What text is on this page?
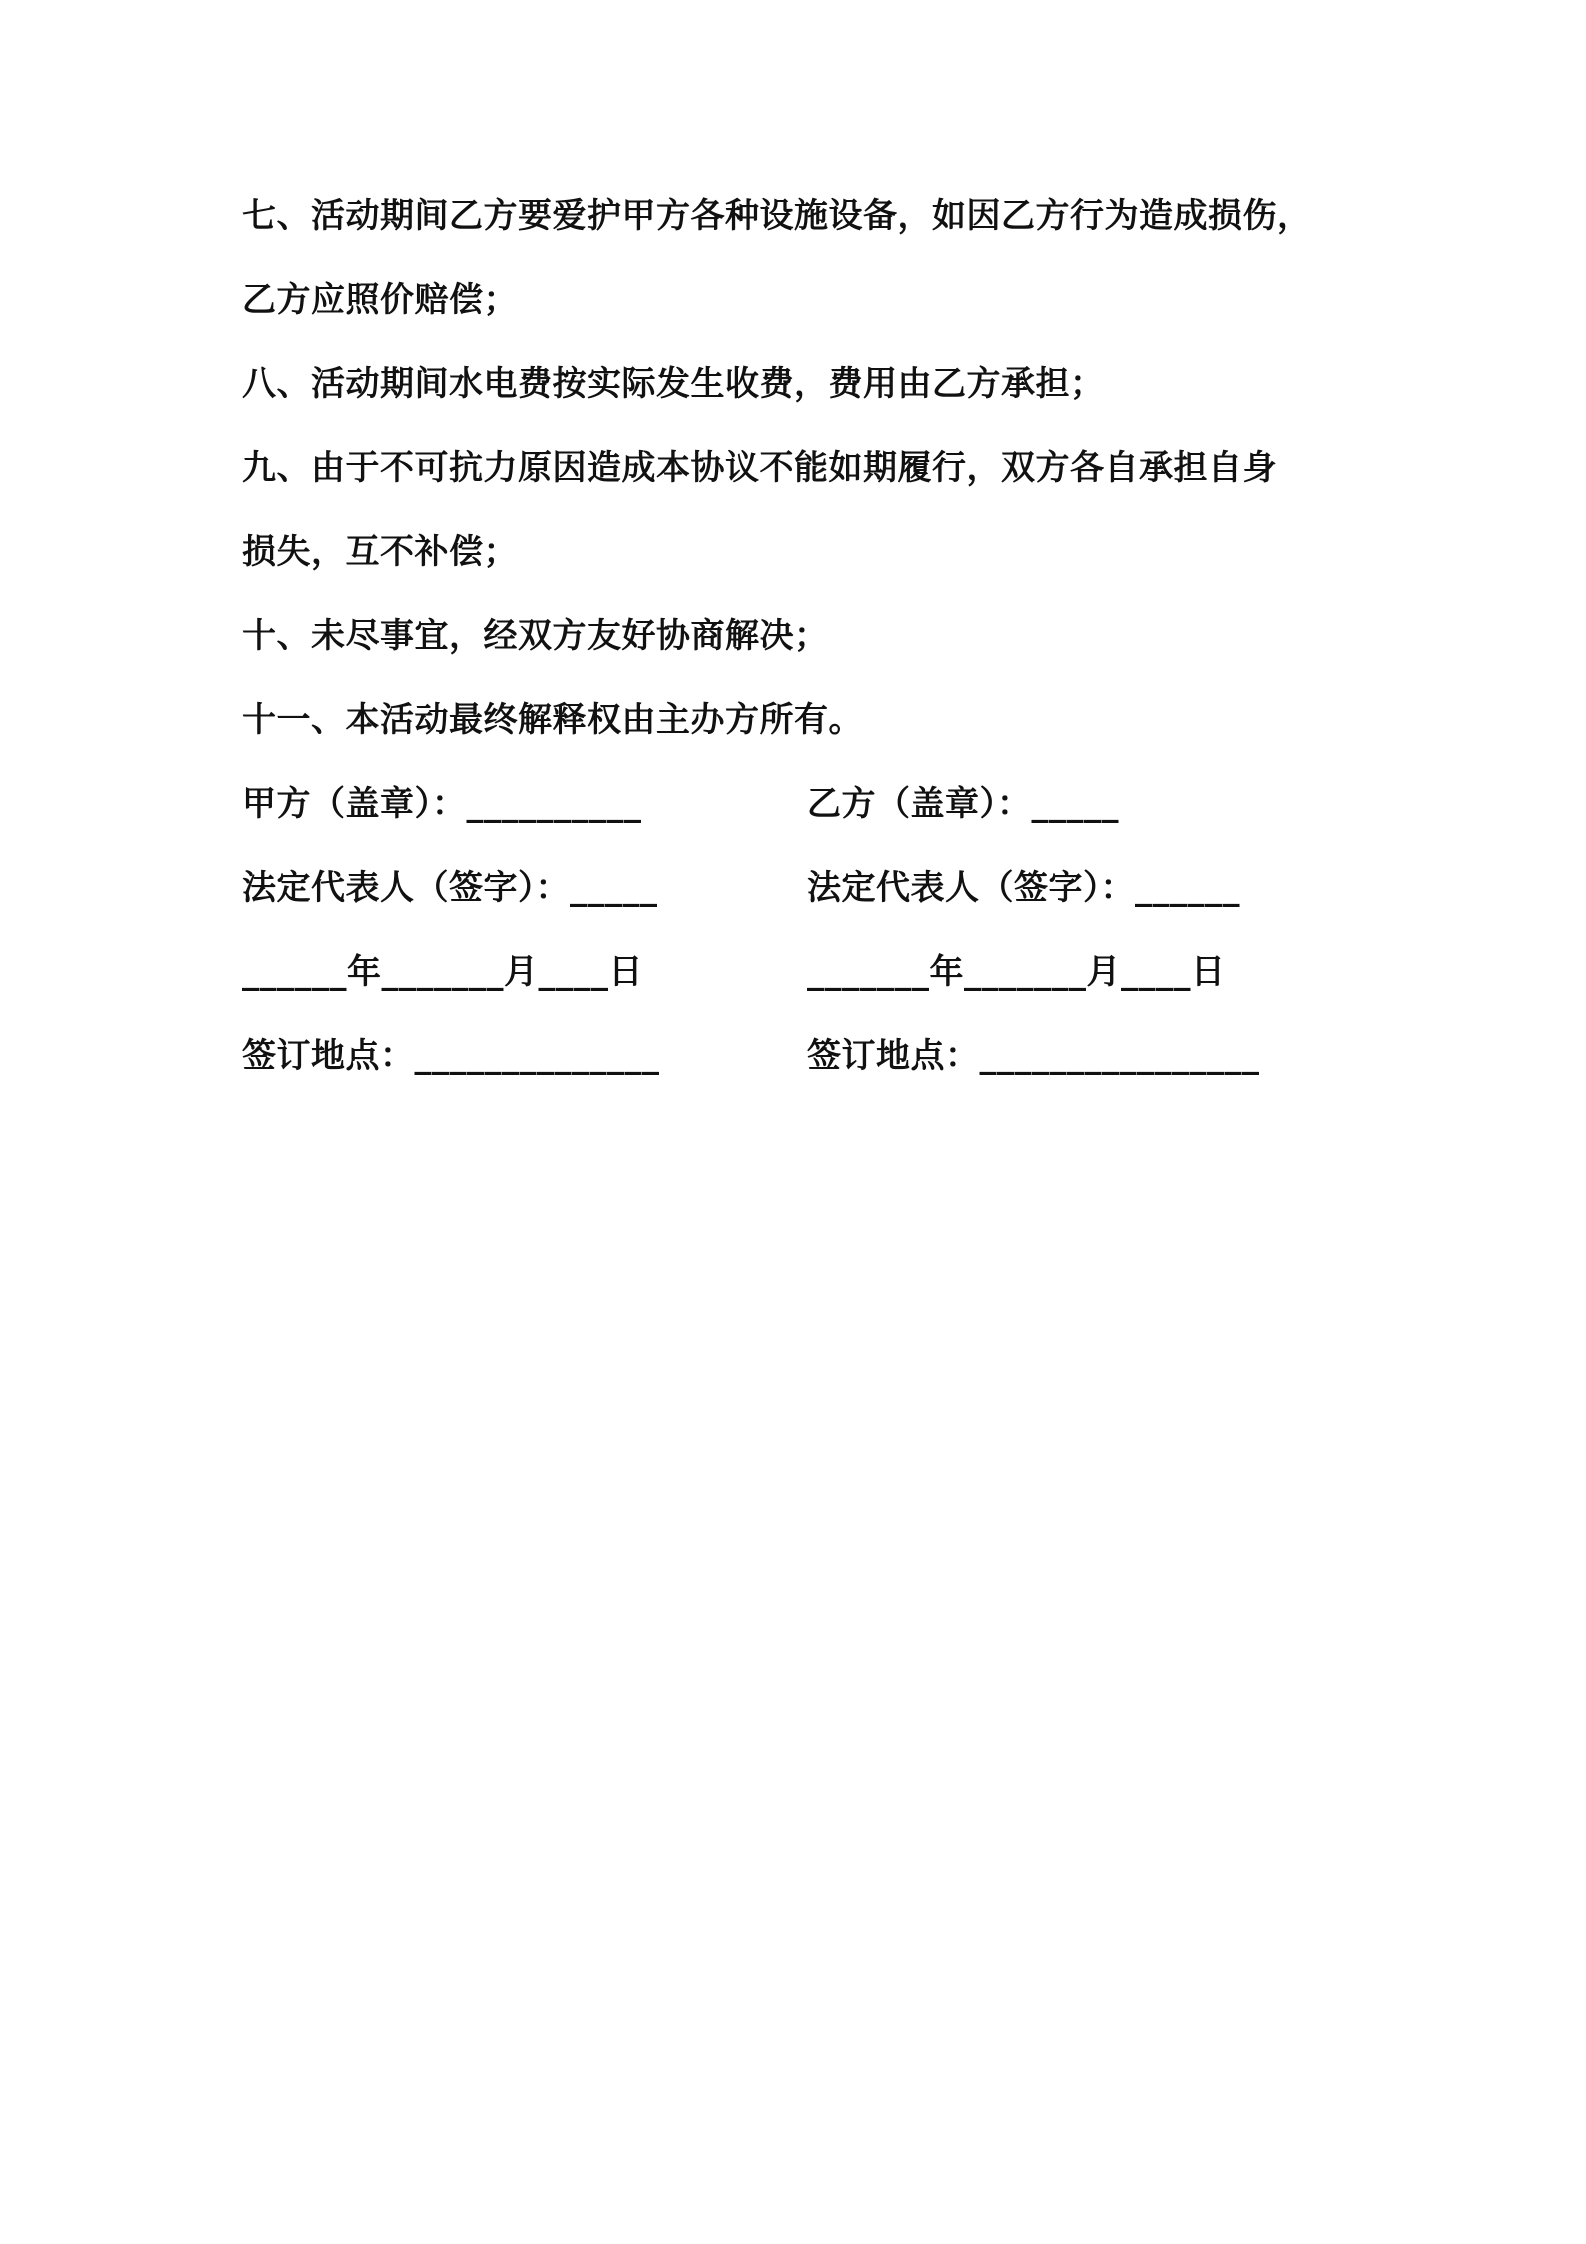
七、活动期间乙方要爱护甲方各种设施设备，如因乙方行为造成损伤，
乙方应照价赔偿；
八、活动期间水电费按实际发生收费，费用由乙方承担；
九、由于不可抗力原因造成本协议不能如期履行，双方各自承担自身
损失，互不补偿；
十、未尽事宜，经双方友好协商解决；
十一、本活动最终解释权由主办方所有。
甲方（盖章）：__________	乙方（盖章）：_____
法定代表人（签字）：_____	法定代表人（签字）：______
______年_______月____日	_______年_______月____日
签订地点：______________	签订地点：________________
